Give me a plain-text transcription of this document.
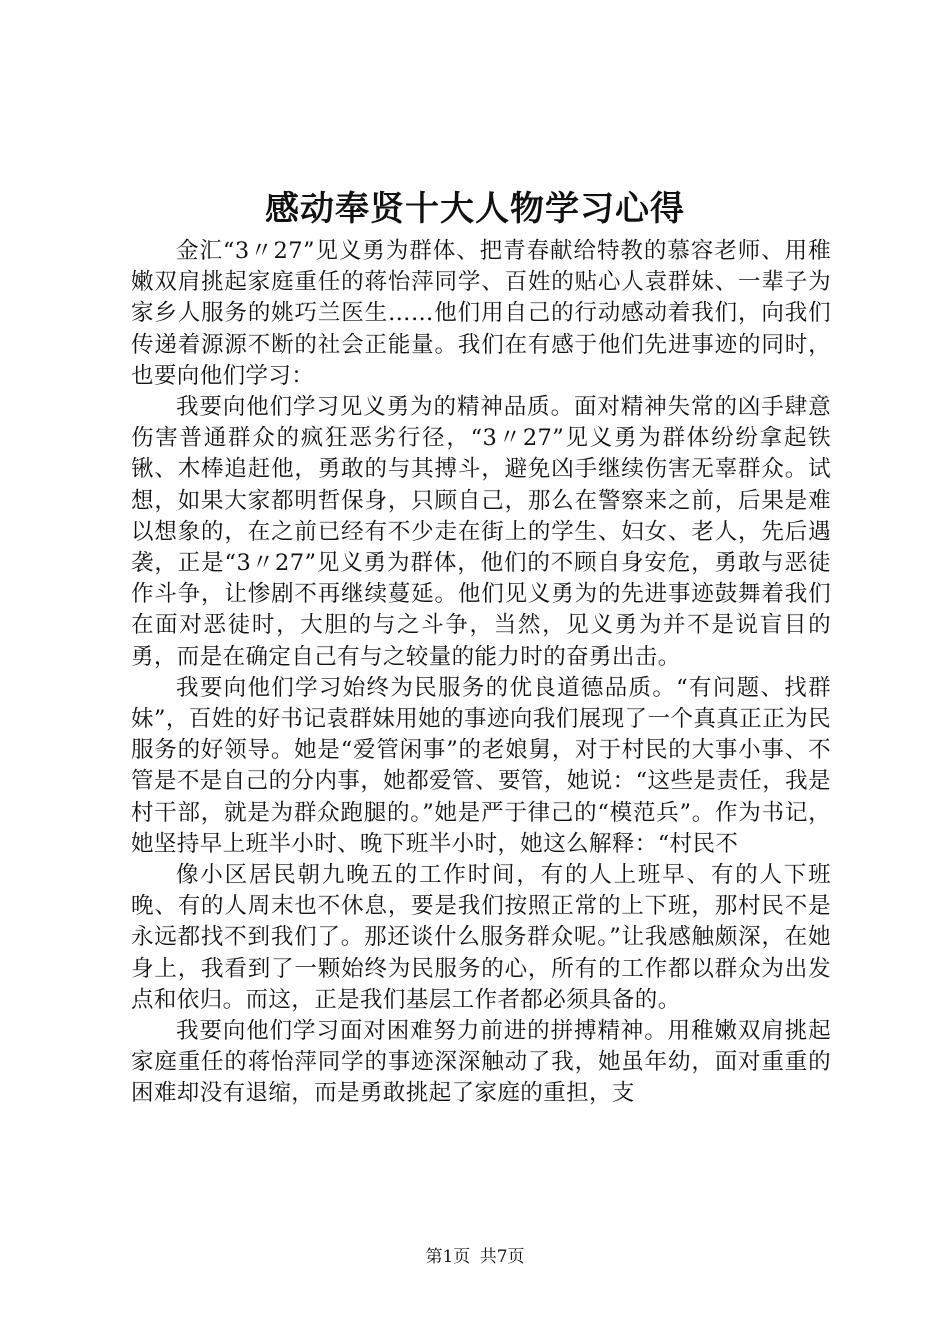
感动奉贤十大人物学习心得

金汇“3〃27”见义勇为群体、把青春献给特教的慕容老师、用稚嫩双肩挑起家庭重任的蒋怡萍同学、百姓的贴心人袁群妹、一辈子为家乡人服务的姚巧兰医生……他们用自己的行动感动着我们，向我们传递着源源不断的社会正能量。我们在有感于他们先进事迹的同时，也要向他们学习：

我要向他们学习见义勇为的精神品质。面对精神失常的凶手肆意伤害普通群众的疯狂恶劣行径，“3〃27”见义勇为群体纷纷拿起铁锹、木棒追赶他，勇敢的与其搏斗，避免凶手继续伤害无辜群众。试想，如果大家都明哲保身，只顾自己，那么在警察来之前，后果是难以想象的，在之前已经有不少走在街上的学生、妇女、老人，先后遇袭，正是“3〃27”见义勇为群体，他们的不顾自身安危，勇敢与恶徒作斗争，让惨剧不再继续蔓延。他们见义勇为的先进事迹鼓舞着我们在面对恶徒时，大胆的与之斗争，当然，见义勇为并不是说盲目的勇，而是在确定自己有与之较量的能力时的奋勇出击。

我要向他们学习始终为民服务的优良道德品质。“有问题、找群妹”，百姓的好书记袁群妹用她的事迹向我们展现了一个真真正正为民服务的好领导。她是“爱管闲事”的老娘舅，对于村民的大事小事、不管是不是自己的分内事，她都爱管、要管，她说：“这些是责任，我是村干部，就是为群众跑腿的。”她是严于律己的“模范兵”。作为书记，她坚持早上班半小时、晚下班半小时，她这么解释：“村民不

像小区居民朝九晚五的工作时间，有的人上班早、有的人下班晚、有的人周末也不休息，要是我们按照正常的上下班，那村民不是永远都找不到我们了。那还谈什么服务群众呢。”让我感触颇深，在她身上，我看到了一颗始终为民服务的心，所有的工作都以群众为出发点和依归。而这，正是我们基层工作者都必须具备的。

我要向他们学习面对困难努力前进的拼搏精神。用稚嫩双肩挑起家庭重任的蒋怡萍同学的事迹深深触动了我，她虽年幼，面对重重的困难却没有退缩，而是勇敢挑起了家庭的重担，支

第1页 共7页
